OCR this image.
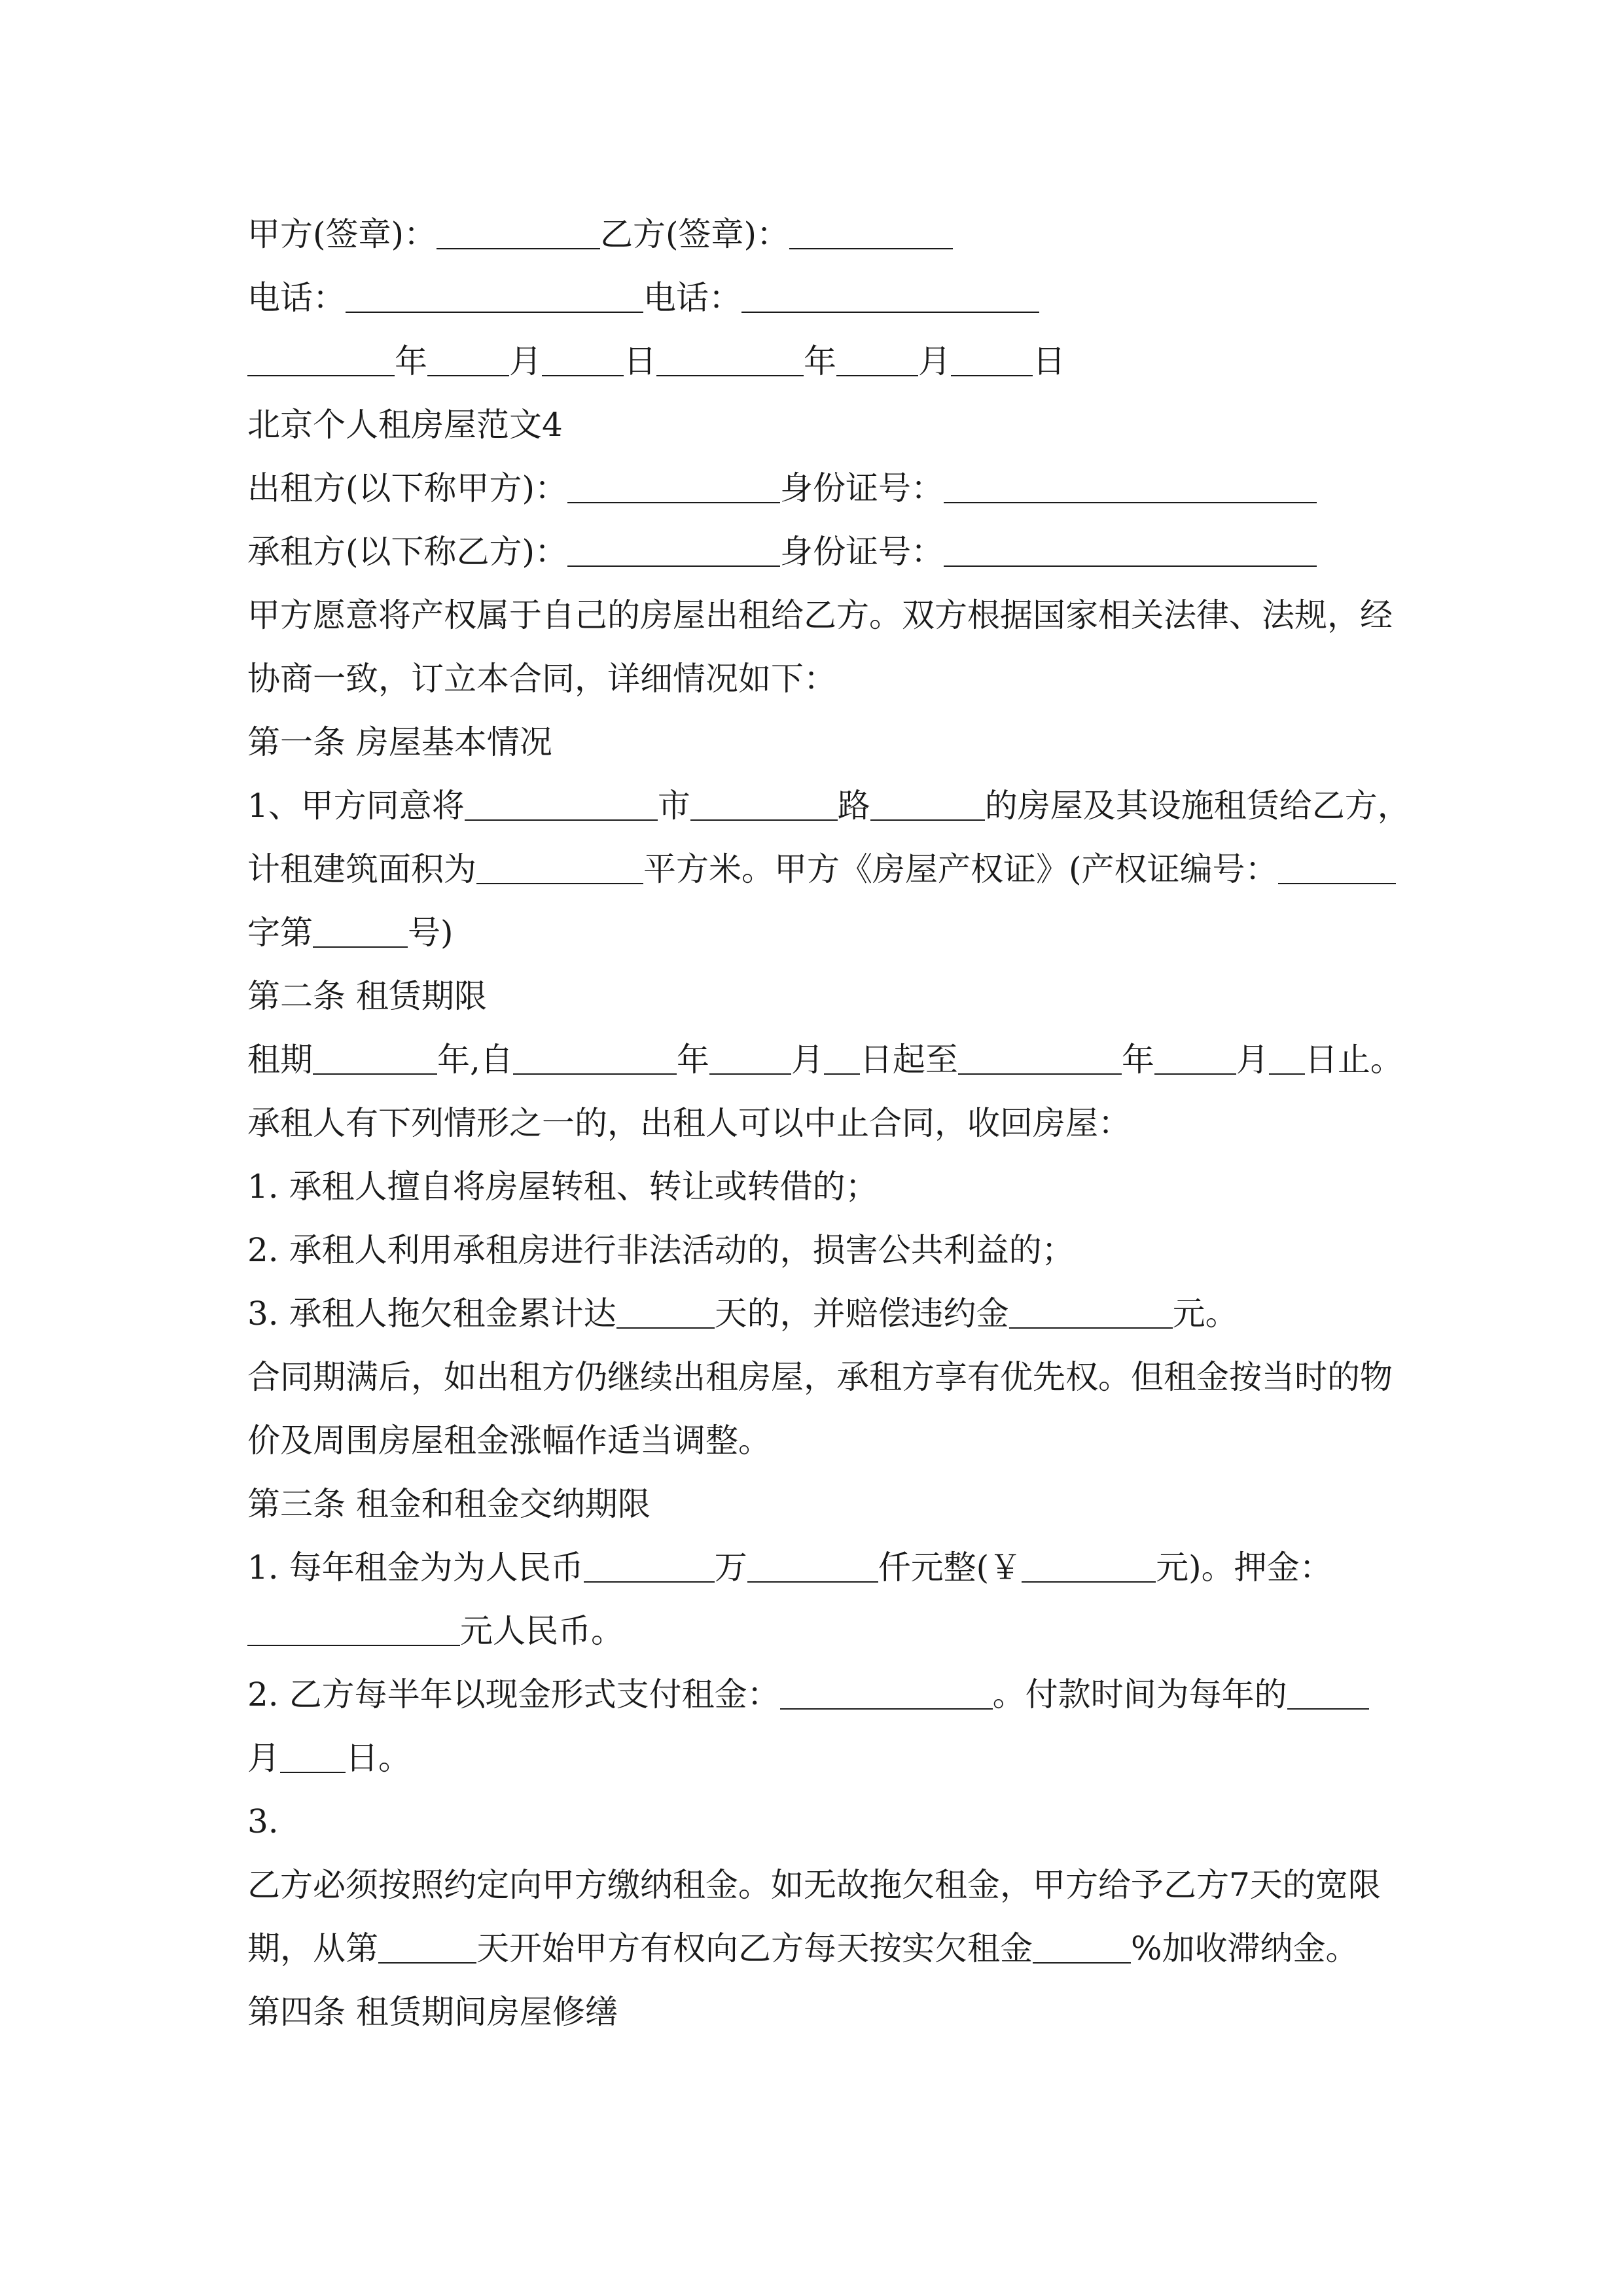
甲方(签章)：	乙方(签章)：
电话：	电话：
年	月	日	年	月	日
北京个人租房屋范文4
出租方(以下称甲方)：	身份证号：
承租方(以下称乙方)：	身份证号：
甲方愿意将产权属于自己的房屋出租给乙方。双方根据国家相关法律、法规，经
协商一致，订立本合同，详细情况如下：
第一条 房屋基本情况
1、甲方同意将	市	路	的房屋及其设施租赁给乙方，
计租建筑面积为	平方米。甲方《房屋产权证》(产权证编号：
字第	号)
第二条 租赁期限
租期	年,自	年	月 日起至	年	月 日止。
承租人有下列情形之一的，出租人可以中止合同，收回房屋：
1. 承租人擅自将房屋转租、转让或转借的；
2. 承租人利用承租房进行非法活动的，损害公共利益的；
3. 承租人拖欠租金累计达	天的，并赔偿违约金	元。
合同期满后，如出租方仍继续出租房屋，承租方享有优先权。但租金按当时的物
价及周围房屋租金涨幅作适当调整。
第三条 租金和租金交纳期限
1. 每年租金为为人民币	万	仟元整(￥	元)。押金：
元人民币。
2. 乙方每半年以现金形式支付租金：	。付款时间为每年的
月 日。
3.
乙方必须按照约定向甲方缴纳租金。如无故拖欠租金，甲方给予乙方7天的宽限
期，从第	天开始甲方有权向乙方每天按实欠租金	%加收滞纳金。
第四条 租赁期间房屋修缮
